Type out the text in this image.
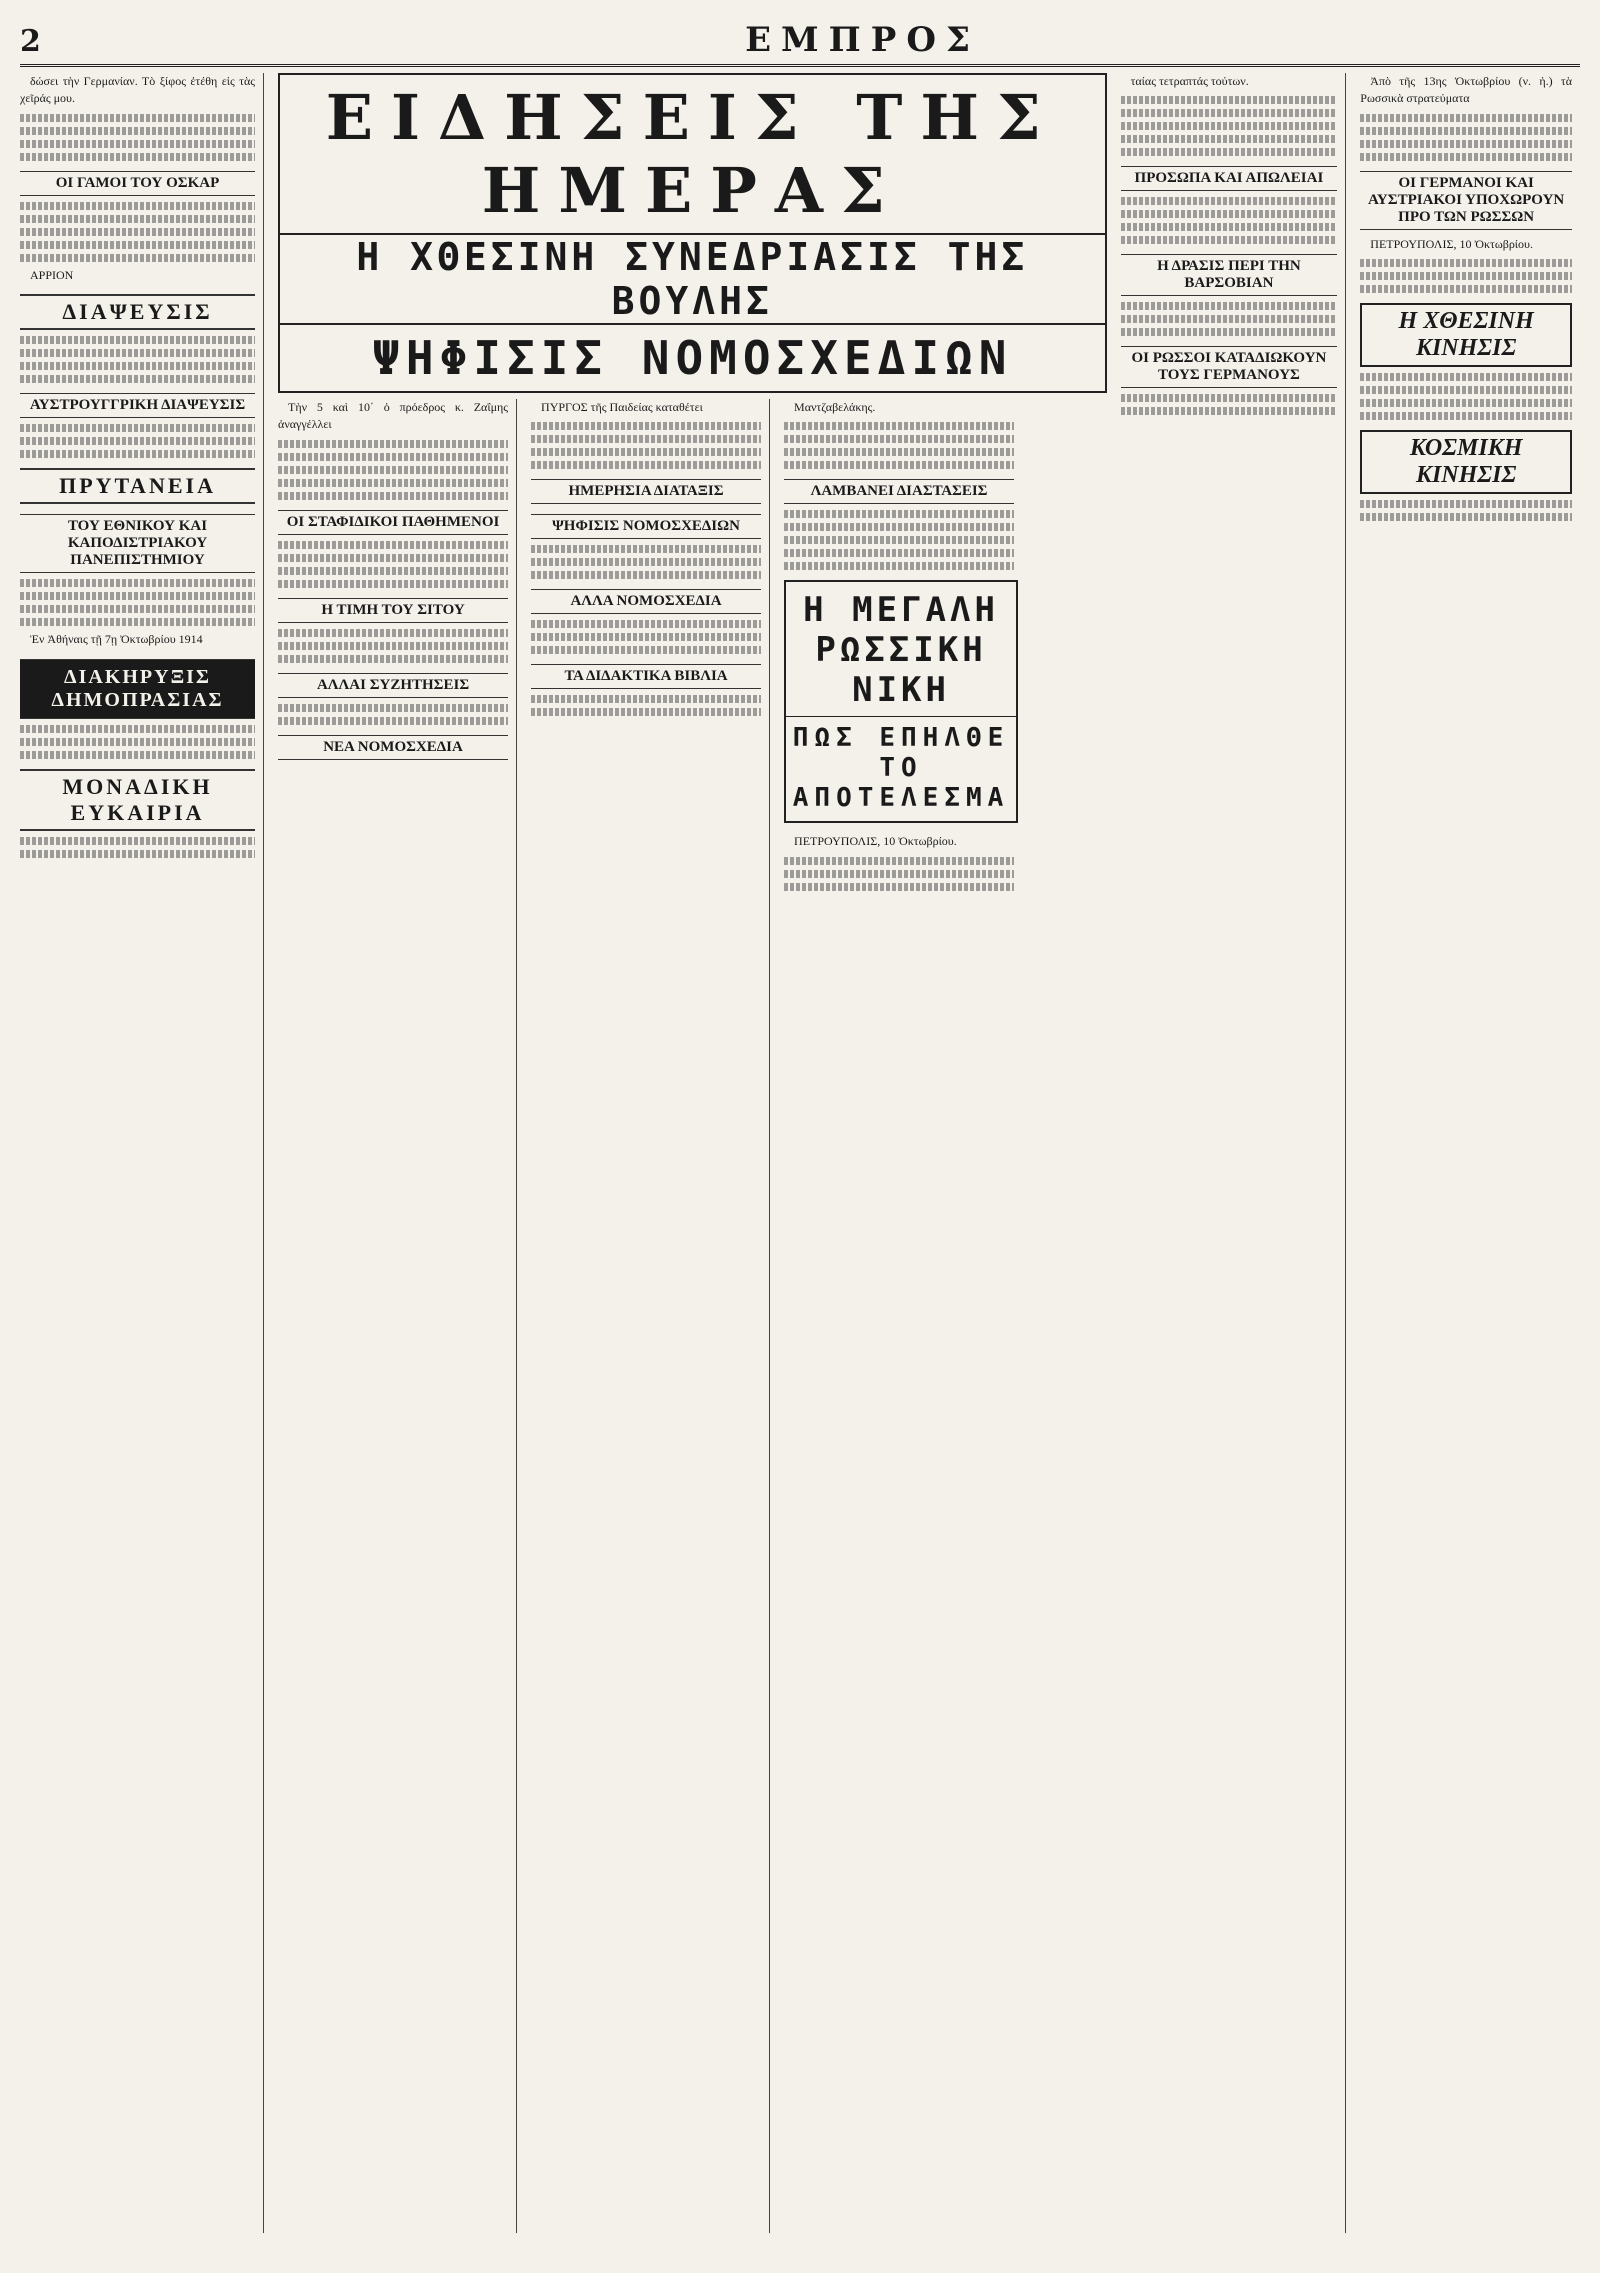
2	ΕΜΠΡΟΣ

δώσει τὴν Γερμανίαν. Τὸ ξίφος ἐτέθη εἰς τὰς χεῖράς μου.

ΟΙ ΓΑΜΟΙ ΤΟΥ ΟΣΚΑΡ

ΑΡΡΙΟΝ

ΔΙΑΨΕΥΣΙΣ
ΑΥΣΤΡΟΥΓΓΡΙΚΗ ΔΙΑΨΕΥΣΙΣ
ΠΡΥΤΑΝΕΙΑ
ΤΟΥ ΕΘΝΙΚΟΥ ΚΑΙ ΚΑΠΟΔΙΣΤΡΙΑΚΟΥ ΠΑΝΕΠΙΣΤΗΜΙΟΥ

Ἐν Ἀθήναις τῇ 7ῃ Ὀκτωβρίου 1914

ΔΙΑΚΗΡΥΞΙΣ ΔΗΜΟΠΡΑΣΙΑΣ
ΜΟΝΑΔΙΚΗ ΕΥΚΑΙΡΙΑ
ΕΙΔΗΣΕΙΣ ΤΗΣ ΗΜΕΡΑΣ
Η ΧΘΕΣΙΝΗ ΣΥΝΕΔΡΙΑΣΙΣ ΤΗΣ ΒΟΥΛΗΣ
ΨΗΦΙΣΙΣ ΝΟΜΟΣΧΕΔΙΩΝ

Τὴν 5 καὶ 10΄ ὁ πρόεδρος κ. Ζαΐμης ἀναγγέλλει

ΟΙ ΣΤΑΦΙΔΙΚΟΙ ΠΑΘΗΜΕΝΟΙ
Η ΤΙΜΗ ΤΟΥ ΣΙΤΟΥ
ΑΛΛΑΙ ΣΥΖΗΤΗΣΕΙΣ
ΝΕΑ ΝΟΜΟΣΧΕΔΙΑ

ΠΥΡΓΟΣ τῆς Παιδείας καταθέτει

ΗΜΕΡΗΣΙΑ ΔΙΑΤΑΞΙΣ
ΨΗΦΙΣΙΣ ΝΟΜΟΣΧΕΔΙΩΝ
ΑΛΛΑ ΝΟΜΟΣΧΕΔΙΑ
ΤΑ ΔΙΔΑΚΤΙΚΑ ΒΙΒΛΙΑ

Μαντζαβελάκης.

ΛΑΜΒΑΝΕΙ ΔΙΑΣΤΑΣΕΙΣ
Η ΜΕΓΑΛΗ ΡΩΣΣΙΚΗ ΝΙΚΗ
ΠΩΣ ΕΠΗΛΘΕ ΤΟ ΑΠΟΤΕΛΕΣΜΑ

ΠΕΤΡΟΥΠΟΛΙΣ, 10 Ὀκτωβρίου.

ταίας τετραπτάς τούτων.

ΠΡΟΣΩΠΑ ΚΑΙ ΑΠΩΛΕΙΑΙ
Η ΔΡΑΣΙΣ ΠΕΡΙ ΤΗΝ ΒΑΡΣΟΒΙΑΝ
ΟΙ ΡΩΣΣΟΙ ΚΑΤΑΔΙΩΚΟΥΝ ΤΟΥΣ ΓΕΡΜΑΝΟΥΣ

Ἀπὸ τῆς 13ης Ὀκτωβρίου (ν. ἡ.) τὰ Ρωσσικὰ στρατεύματα

ΟΙ ΓΕΡΜΑΝΟΙ ΚΑΙ ΑΥΣΤΡΙΑΚΟΙ ΥΠΟΧΩΡΟΥΝ ΠΡΟ ΤΩΝ ΡΩΣΣΩΝ

ΠΕΤΡΟΥΠΟΛΙΣ, 10 Ὀκτωβρίου.

Η ΧΘΕΣΙΝΗ ΚΙΝΗΣΙΣ
ΚΟΣΜΙΚΗ ΚΙΝΗΣΙΣ
